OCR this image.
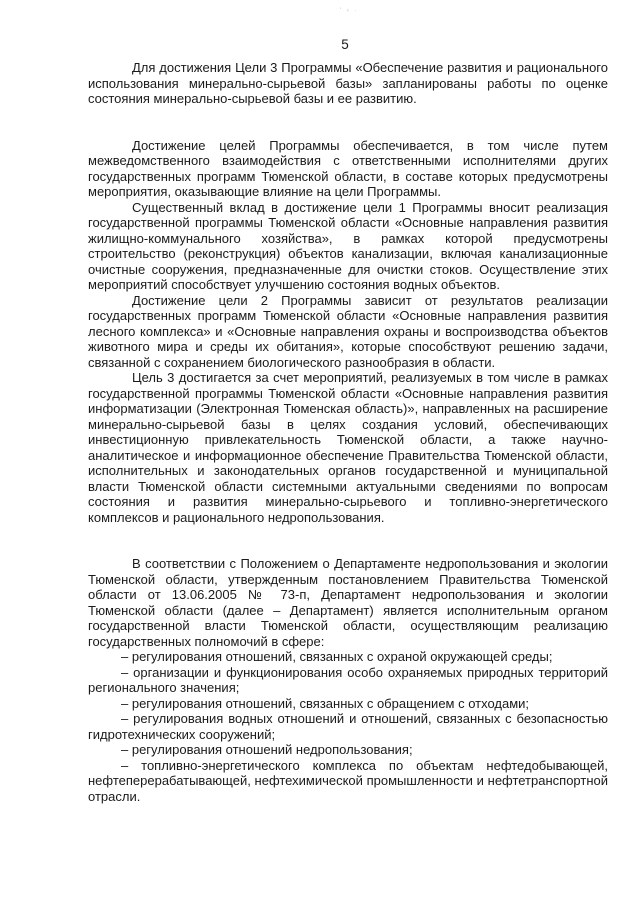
' ‹ ·
5

Для достижения Цели 3 Программы «Обеспечение развития и рационального использования минерально-сырьевой базы» запланированы работы по оценке состояния минерально-сырьевой базы и ее развитию.

Достижение целей Программы обеспечивается, в том числе путем межведомственного взаимодействия с ответственными исполнителями других государственных программ Тюменской области, в составе которых предусмотрены мероприятия, оказывающие влияние на цели Программы.

Существенный вклад в достижение цели 1 Программы вносит реализация государственной программы Тюменской области «Основные направления развития жилищно-коммунального хозяйства», в рамках которой предусмотрены строительство (реконструкция) объектов канализации, включая канализационные очистные сооружения, предназначенные для очистки стоков. Осуществление этих мероприятий способствует улучшению состояния водных объектов.

Достижение цели 2 Программы зависит от результатов реализации государственных программ Тюменской области «Основные направления развития лесного комплекса» и «Основные направления охраны и воспроизводства объектов животного мира и среды их обитания», которые способствуют решению задачи, связанной с сохранением биологического разнообразия в области.

Цель 3 достигается за счет мероприятий, реализуемых в том числе в рамках государственной программы Тюменской области «Основные направления развития информатизации (Электронная Тюменская область)», направленных на расширение минерально-сырьевой базы в целях создания условий, обеспечивающих инвестиционную привлекательность Тюменской области, а также научно-аналитическое и информационное обеспечение Правительства Тюменской области, исполнительных и законодательных органов государственной и муниципальной власти Тюменской области системными актуальными сведениями по вопросам состояния и развития минерально-сырьевого и топливно-энергетического комплексов и рационального недропользования.

В соответствии с Положением о Департаменте недропользования и экологии Тюменской области, утвержденным постановлением Правительства Тюменской области от 13.06.2005 № 73-п, Департамент недропользования и экологии Тюменской области (далее – Департамент) является исполнительным органом государственной власти Тюменской области, осуществляющим реализацию государственных полномочий в сфере:

– регулирования отношений, связанных с охраной окружающей среды;

– организации и функционирования особо охраняемых природных территорий регионального значения;

– регулирования отношений, связанных с обращением с отходами;

– регулирования водных отношений и отношений, связанных с безопасностью гидротехнических сооружений;

– регулирования отношений недропользования;

– топливно-энергетического комплекса по объектам нефтедобывающей, нефтеперерабатывающей, нефтехимической промышленности и нефтетранспортной отрасли.
